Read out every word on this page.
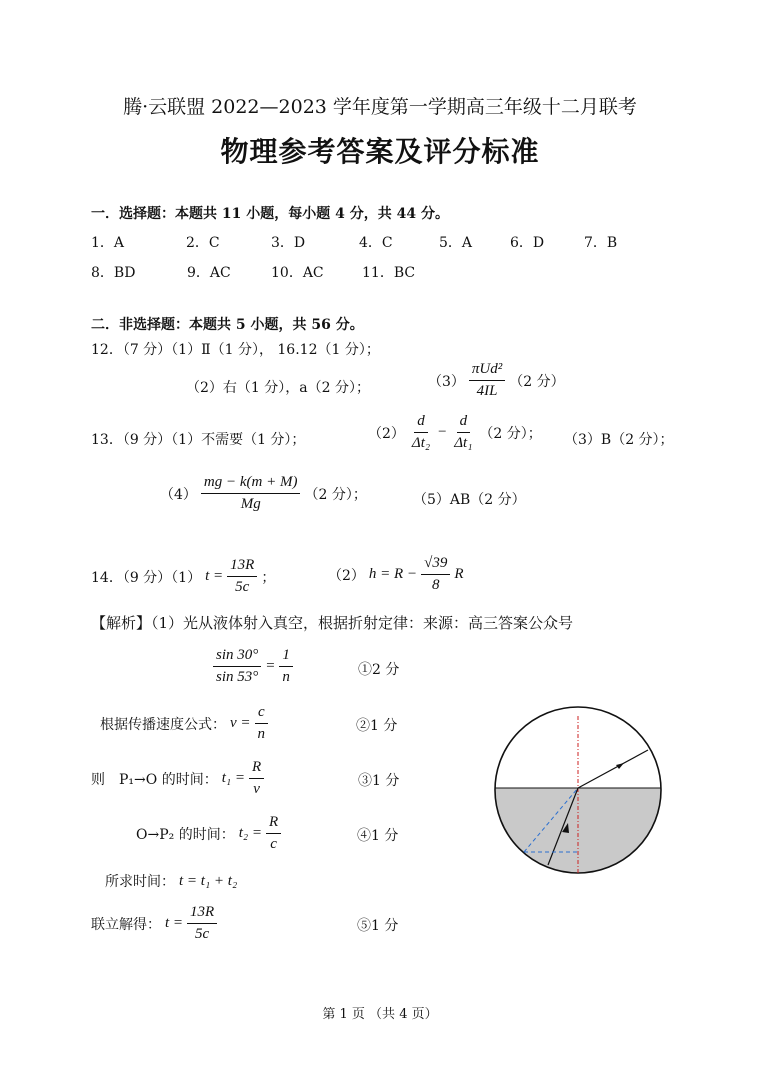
腾·云联盟 2022—2023 学年度第一学期高三年级十二月联考
物理参考答案及评分标准
一．选择题：本题共 11 小题，每小题 4 分，共 44 分。
1．A	2．C	3．D	4．C	5．A	6．D	7．B
8．BD	9．AC	10．AC	11．BC
二．非选择题：本题共 5 小题，共 56 分。
12．（7 分）（1）Ⅱ（1 分）， 16.12（1 分）；
（2）右（1 分），a（2 分）；	$(3) \frac{\text{πUd²}}{4IL} (2$ 分）
13．（9 分）（1）不需要（1 分）；	$(2) \frac{d}{\text{Δt₂}} - \frac{d}{\text{Δt₁}} (2$ 分）； （3）B（2 分）；
$(4) \frac{mg - k(m + M)}{Mg} (2$ 分）；	（5）AB（2 分）
14．（9 分）（1） $t = \frac{13R}{5c}$ ；	（2） $h = R - \frac{√39}{8}$ R
【解析】（1）光从液体射入真空，根据折射定律：来源：高三答案公众号
$\frac{\sin 30^\circ}{\sin 53^\circ} = \frac{1}{n}$	①2 分
根据传播速度公式： $v = \frac{c}{n}$	②1 分
则　P₁→O 的时间： $t_1 = \frac{R}{v}$	③1 分
O→P₂ 的时间： $t_2 = \frac{R}{c}$	④1 分
所求时间： t = t₁ + t₂
联立解得： $t = \frac{13R}{5c}$	⑤1 分
第 1 页 （共 4 页）
